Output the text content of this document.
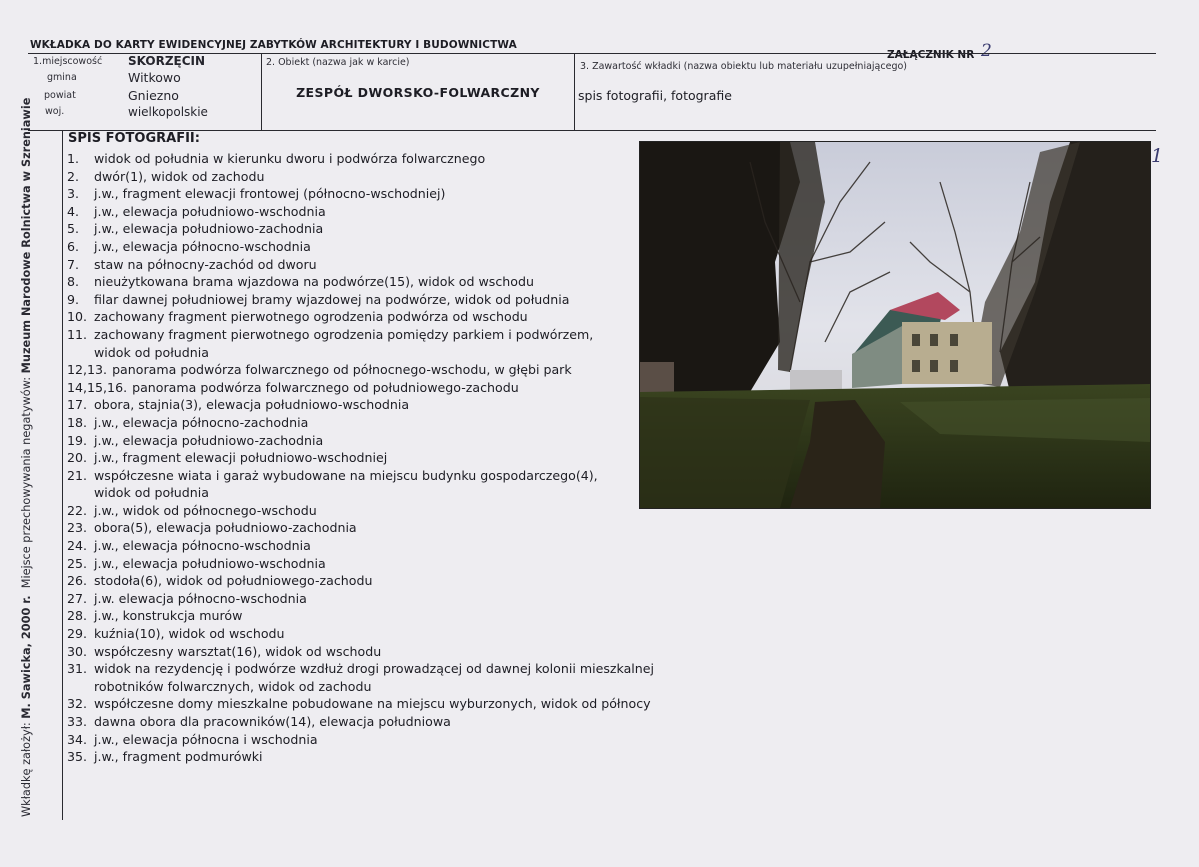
WKŁADKA DO KARTY EWIDENCYJNEJ ZABYTKÓW ARCHITEKTURY I BUDOWNICTWA
ZAŁĄCZNIK NR 2
1.miejscowość SKORZĘCIN
gmina	Witkowo
powiat	Gniezno
woj.	wielkopolskie
2. Obiekt (nazwa jak w karcie)
ZESPÓŁ DWORSKO-FOLWARCZNY
3. Zawartość wkładki (nazwa obiektu lub materiału uzupełniającego)
spis fotografii, fotografie
Wkładkę założył: M. Sawicka, 2000 r.  Miejsce przechowywania negatywów: Muzeum Narodowe Rolnictwa w Szreniawie	SPIS FOTOGRAFII:
1.	widok od południa w kierunku dworu i podwórza folwarcznego
2.	dwór(1), widok od zachodu
3.	j.w., fragment elewacji frontowej (północno-wschodniej)
4.	j.w., elewacja południowo-wschodnia
5.	j.w., elewacja południowo-zachodnia
6.	j.w., elewacja północno-wschodnia
7.	staw na północny-zachód od dworu
8.	nieużytkowana brama wjazdowa na podwórze(15), widok od wschodu
9.	filar dawnej południowej bramy wjazdowej na podwórze, widok od południa
10. zachowany fragment pierwotnego ogrodzenia podwórza od wschodu
11. zachowany fragment pierwotnego ogrodzenia pomiędzy parkiem i podwórzem,
widok od południa
12,13. panorama podwórza folwarcznego od północnego-wschodu, w głębi park
14,15,16. panorama podwórza folwarcznego od południowego-zachodu
17. obora, stajnia(3), elewacja południowo-wschodnia
18. j.w., elewacja północno-zachodnia
19. j.w., elewacja południowo-zachodnia
20. j.w., fragment elewacji południowo-wschodniej
21. współczesne wiata i garaż wybudowane na miejscu budynku gospodarczego(4),
widok od południa
22. j.w., widok od północnego-wschodu
23. obora(5), elewacja południowo-zachodnia
24. j.w., elewacja północno-wschodnia
25. j.w., elewacja południowo-wschodnia
26. stodoła(6), widok od południowego-zachodu
27. j.w. elewacja północno-wschodnia
28. j.w., konstrukcja murów
29. kuźnia(10), widok od wschodu
30. współczesny warsztat(16), widok od wschodu
31. widok na rezydencję i podwórze wzdłuż drogi prowadzącej od dawnej kolonii mieszkalnej
robotników folwarcznych, widok od zachodu
32. współczesne domy mieszkalne pobudowane na miejscu wyburzonych, widok od północy
33. dawna obora dla pracowników(14), elewacja południowa
34. j.w., elewacja północna i wschodnia
35. j.w., fragment podmurówki
1
